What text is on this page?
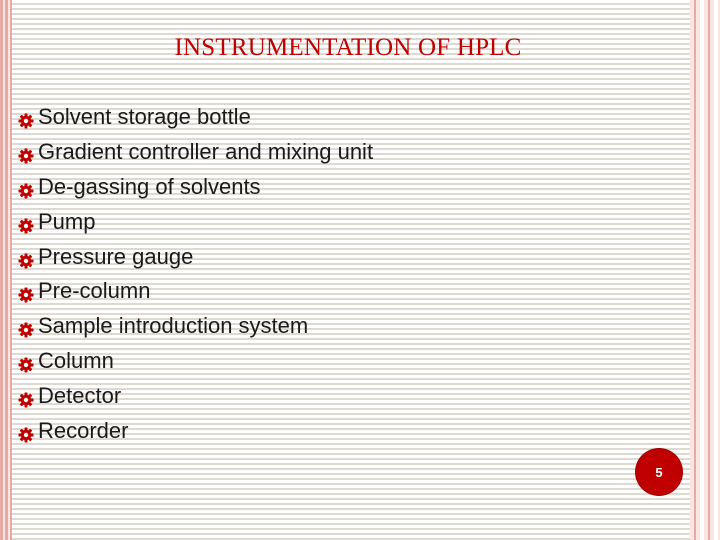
INSTRUMENTATION OF HPLC
Solvent storage bottle
Gradient controller and mixing unit
De-gassing of solvents
Pump
Pressure gauge
Pre-column
Sample introduction system
Column
Detector
Recorder
5
